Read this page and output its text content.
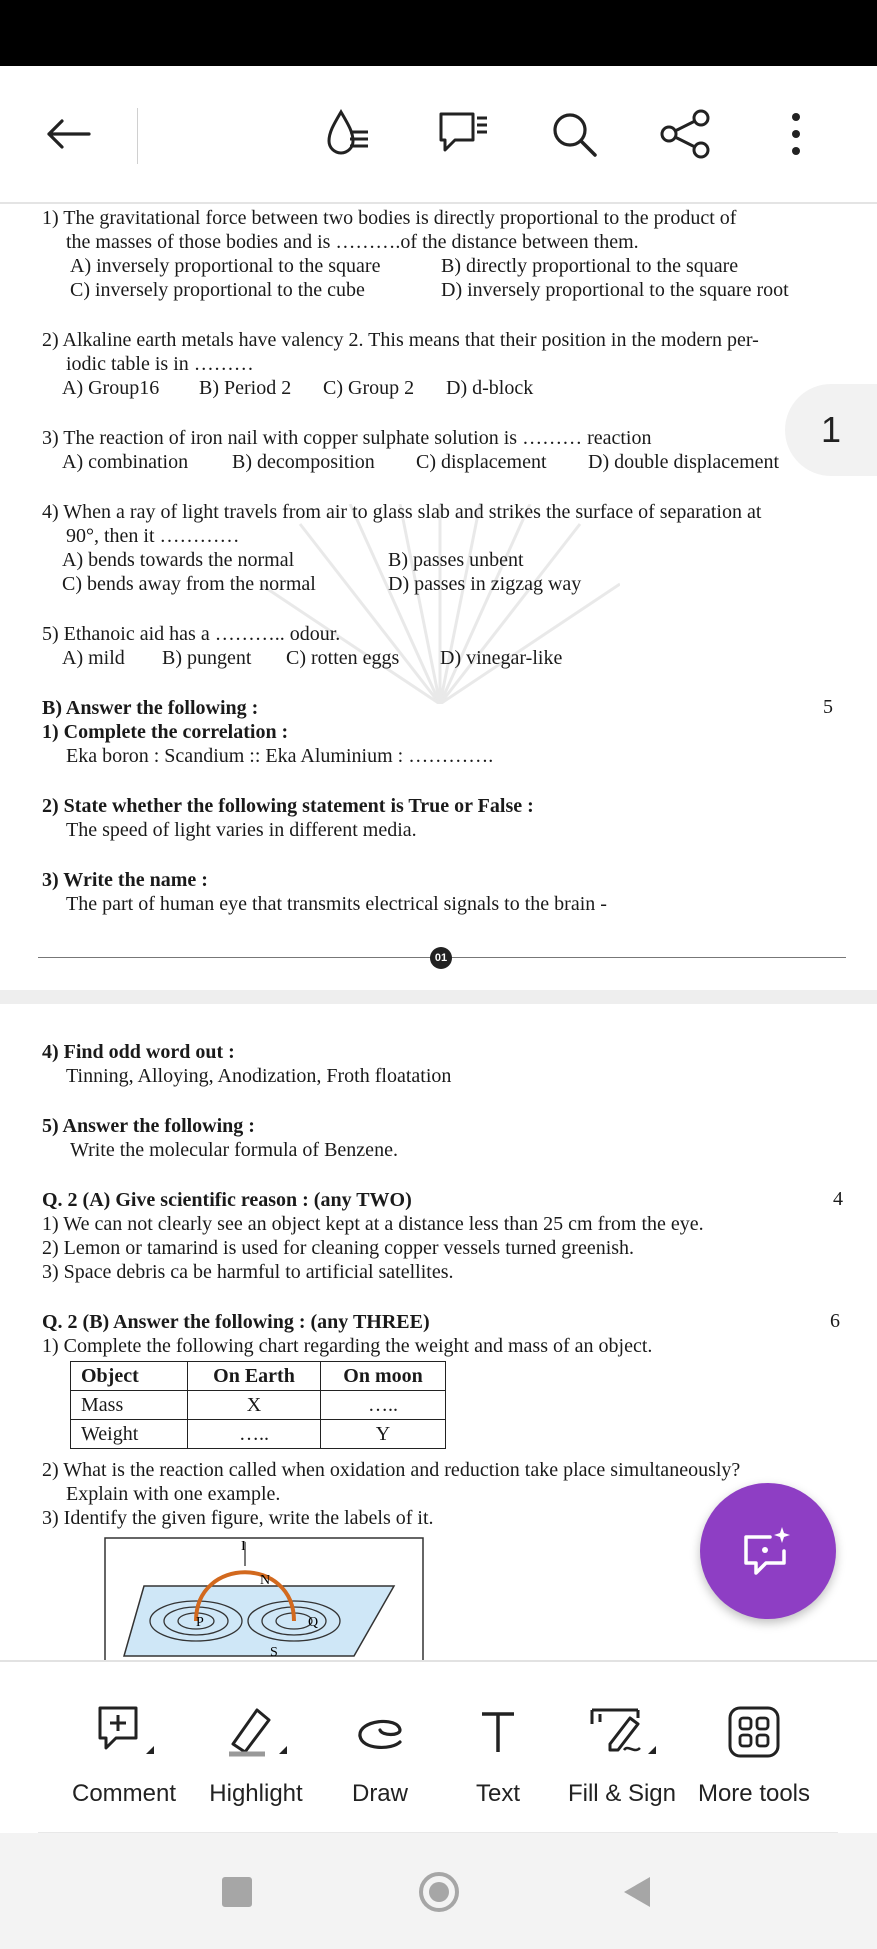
1) The gravitational force between two bodies is directly proportional to the product of
the masses of those bodies and is ……….of the distance between them.
A) inversely proportional to the square	B) directly proportional to the square
C) inversely proportional to the cube	D) inversely proportional to the square root
2) Alkaline earth metals have valency 2. This means that their position in the modern per-
iodic table is in ………
A) Group16 B) Period 2 C) Group 2 D) d-block
3) The reaction of iron nail with copper sulphate solution is ……… reaction
A) combination B) decomposition C) displacement D) double displacement
1
4) When a ray of light travels from air to glass slab and strikes the surface of separation at
90°, then it …………
A) bends towards the normal	B) passes unbent
C) bends away from the normal	D) passes in zigzag way
5) Ethanoic aid has a ……….. odour.
A) mild B) pungent C) rotten eggs D) vinegar-like
B) Answer the following :	5
1) Complete the correlation :
Eka boron : Scandium :: Eka Aluminium : ………….
2) State whether the following statement is True or False :
The speed of light varies in different media.
3) Write the name :
The part of human eye that transmits electrical signals to the brain -
01
4) Find odd word out :
Tinning, Alloying, Anodization, Froth floatation
5) Answer the following :
Write the molecular formula of Benzene.
Q. 2 (A) Give scientific reason : (any TWO)	4
1) We can not clearly see an object kept at a distance less than 25 cm from the eye.
2) Lemon or tamarind is used for cleaning copper vessels turned greenish.
3) Space debris ca be harmful to artificial satellites.
Q. 2 (B) Answer the following : (any THREE)	6
1) Complete the following chart regarding the weight and mass of an object.
2) What is the reaction called when oxidation and reduction take place simultaneously?
Explain with one example.
3) Identify the given figure, write the labels of it.
I
N
P	Q
S
Object	On Earth	On moon
Mass	X	…..
Weight	…..	Y
Comment	Highlight	Draw	Text	Fill & Sign More tools
